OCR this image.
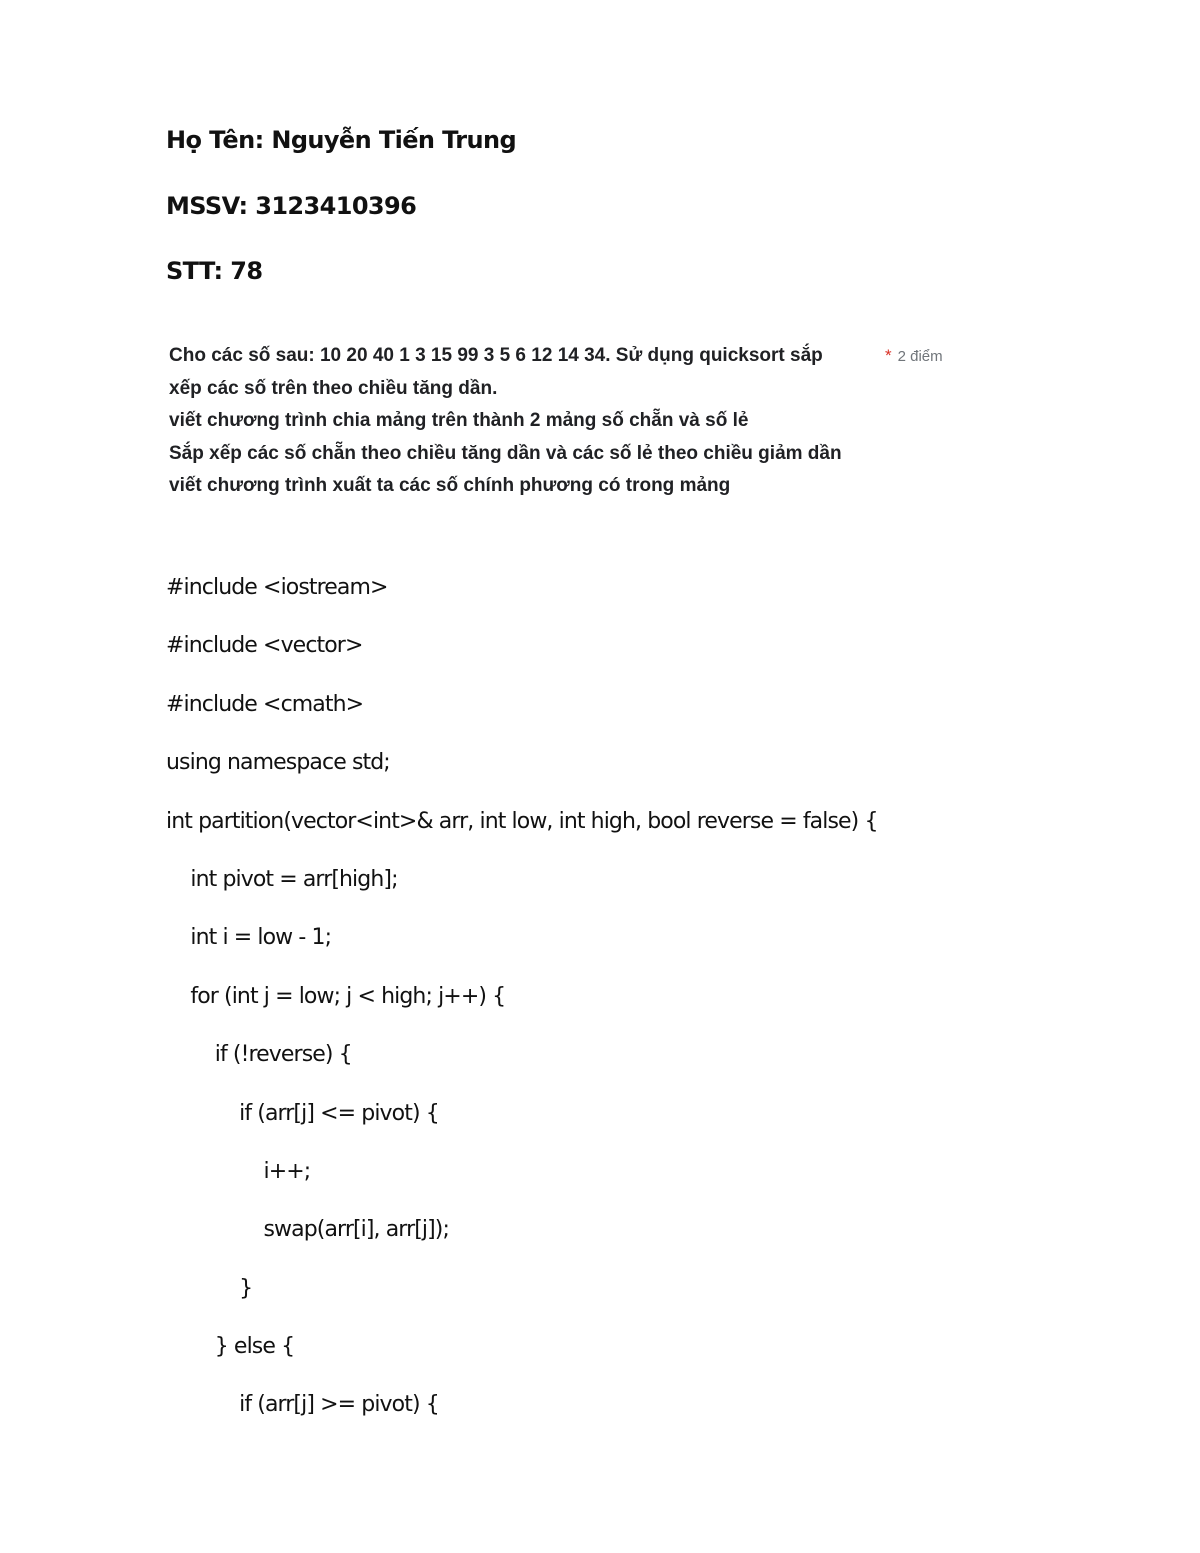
Họ Tên: Nguyễn Tiến Trung
MSSV: 3123410396
STT: 78
Cho các số sau: 10 20 40 1 3 15 99 3 5 6 12 14 34. Sử dụng quicksort sắp	* 2 điểm
xếp các số trên theo chiều tăng dần.
viết chương trình chia mảng trên thành 2 mảng số chẵn và số lẻ
Sắp xếp các số chẵn theo chiều tăng dần và các số lẻ theo chiều giảm dần
viết chương trình xuất ta các số chính phương có trong mảng
#include <iostream>
#include <vector>
#include <cmath>
using namespace std;
int partition(vector<int>& arr, int low, int high, bool reverse = false) {
int pivot = arr[high];
int i = low - 1;
for (int j = low; j < high; j++) {
if (!reverse) {
if (arr[j] <= pivot) {
i++;
swap(arr[i], arr[j]);
}
} else {
if (arr[j] >= pivot) {
